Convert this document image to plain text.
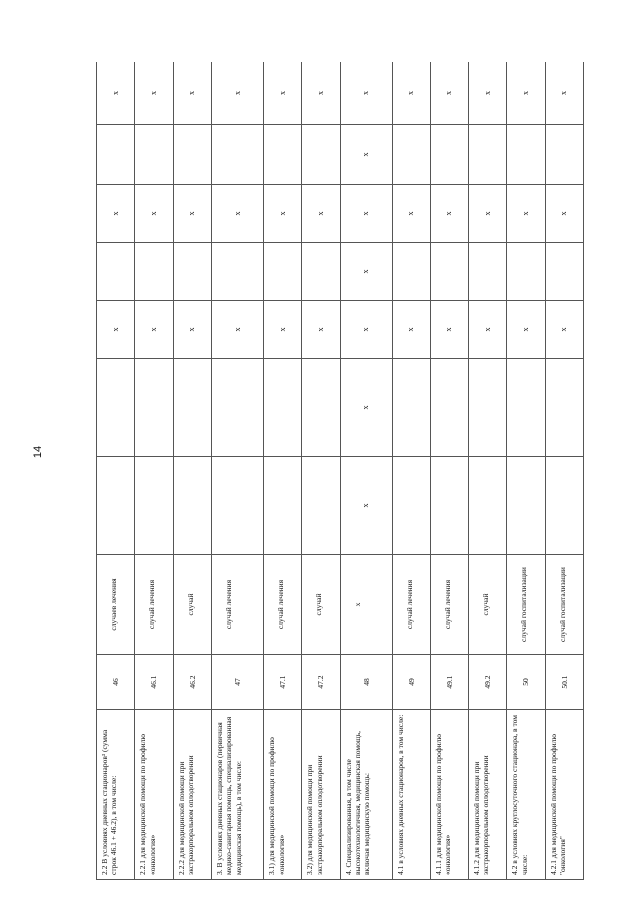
14
2.2 В условиях дневных стационаров³ (сумма строк 46.1 + 46.2), в том числе:	46	случаев лечения			x		x		x
2.2.1 для медицинской помощи по профилю «онкология»	46.1	случай лечения			x		x		x
2.2.2 для медицинской помощи при экстракорпоральном оплодотворении	46.2	случай			x		x		x
3. В условиях дневных стационаров (первичная медико-санитарная помощь, специализированная медицинская помощь), в том числе:	47	случай лечения			x		x		x
3.1) для медицинской помощи по профилю «онкология»	47.1	случай лечения			x		x		x
3.2) для медицинской помощи при экстракорпоральном оплодотворении	47.2	случай			x		x		x
4. Специализированная, в том числе высокотехнологичная, медицинская помощь, включая медицинскую помощь:	48	x	x	x	x	x	x	x	x
4.1 в условиях дневных стационаров, в том числе:	49	случай лечения			x		x		x
4.1.1 для медицинской помощи по профилю «онкология»	49.1	случай лечения			x		x		x
4.1.2 для медицинской помощи при экстракорпоральном оплодотворении	49.2	случай			x		x		x
4.2 в условиях круглосуточного стационара, в том числе:	50	случай госпитализации			x		x		x
4.2.1 для медицинской помощи по профилю "онкология"	50.1	случай госпитализации			x		x		x
